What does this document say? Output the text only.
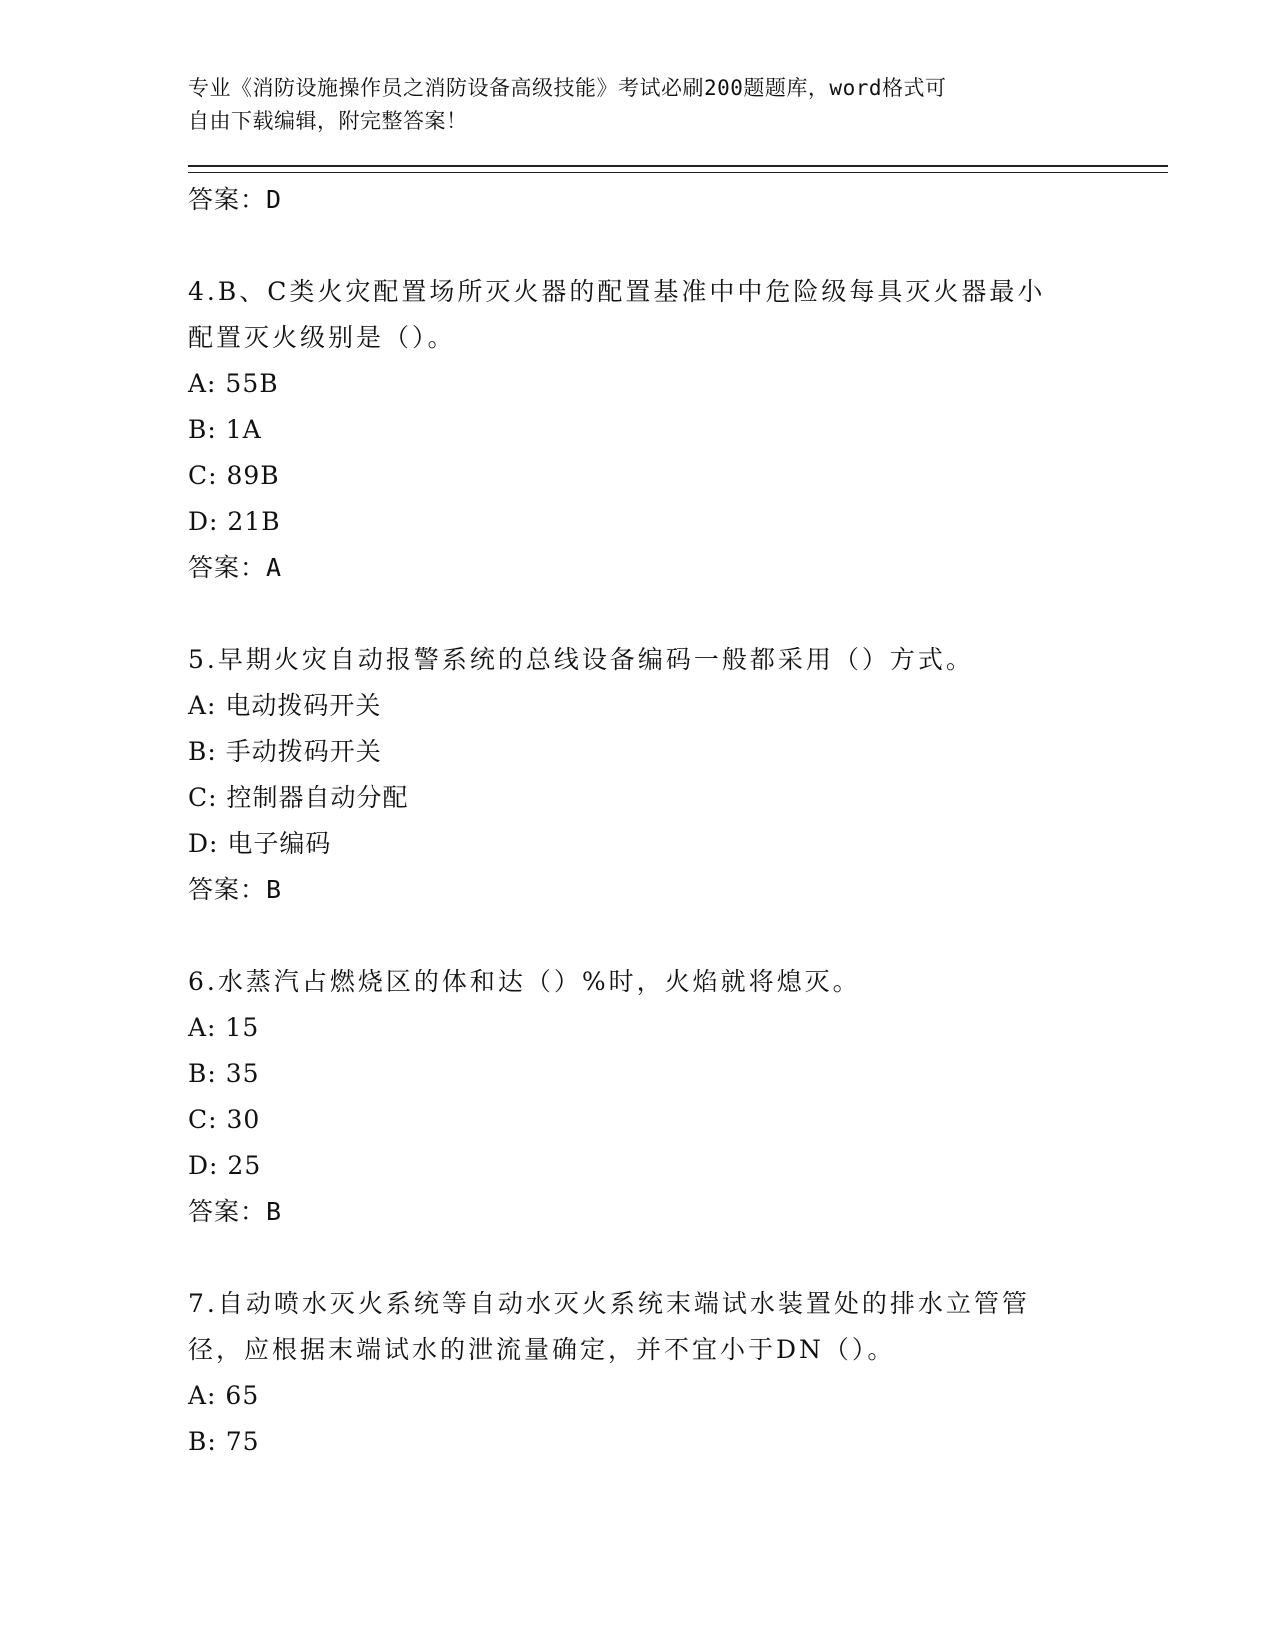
专业《消防设施操作员之消防设备高级技能》考试必刷200题题库，word格式可
自由下载编辑，附完整答案！
答案：D
4.B、C类火灾配置场所灭火器的配置基准中中危险级每具灭火器最小
配置灭火级别是（）。
A: 55B
B: 1A
C: 89B
D: 21B
答案：A
5.早期火灾自动报警系统的总线设备编码一般都采用（）方式。
A: 电动拨码开关
B: 手动拨码开关
C: 控制器自动分配
D: 电子编码
答案：B
6.水蒸汽占燃烧区的体和达（）%时，火焰就将熄灭。
A: 15
B: 35
C: 30
D: 25
答案：B
7.自动喷水灭火系统等自动水灭火系统末端试水装置处的排水立管管
径，应根据末端试水的泄流量确定，并不宜小于DN（）。
A: 65
B: 75
